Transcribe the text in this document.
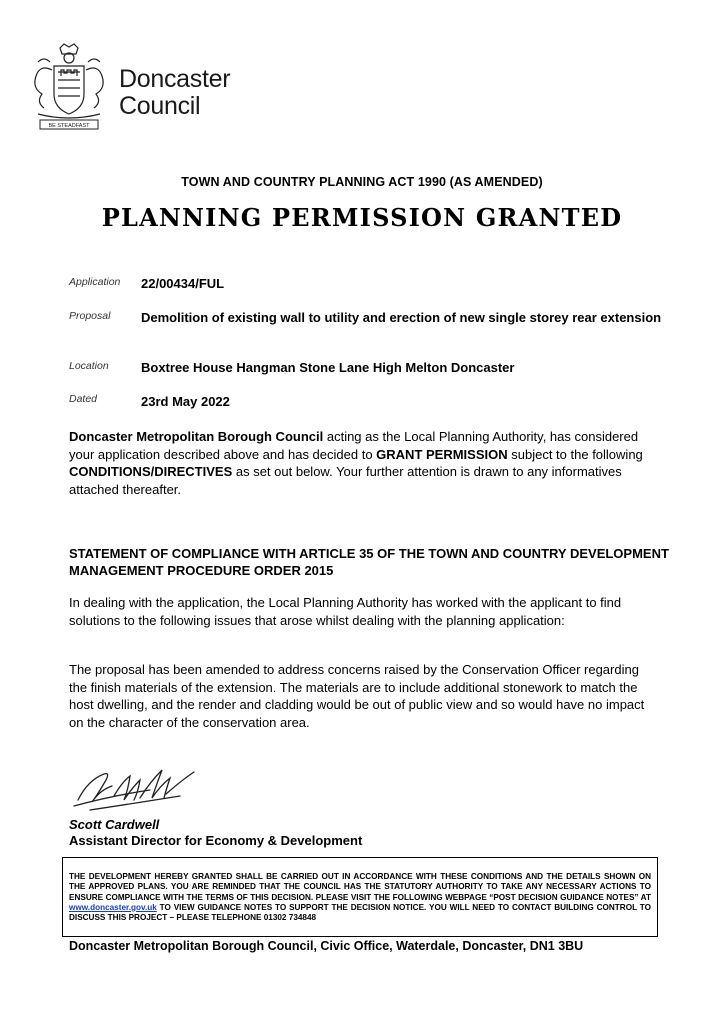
BE STEADFAST
Doncaster
Council
TOWN AND COUNTRY PLANNING ACT 1990 (AS AMENDED)
PLANNING PERMISSION GRANTED
Application 22/00434/FUL
Proposal Demolition of existing wall to utility and erection of new single storey rear extension
Location Boxtree House Hangman Stone Lane High Melton Doncaster
Dated	23rd May 2022
Doncaster Metropolitan Borough Council acting as the Local Planning Authority, has considered your application described above and has decided to GRANT PERMISSION subject to the following CONDITIONS/DIRECTIVES as set out below. Your further attention is drawn to any informatives attached thereafter.
STATEMENT OF COMPLIANCE WITH ARTICLE 35 OF THE TOWN AND COUNTRY DEVELOPMENT MANAGEMENT PROCEDURE ORDER 2015
In dealing with the application, the Local Planning Authority has worked with the applicant to find solutions to the following issues that arose whilst dealing with the planning application:
The proposal has been amended to address concerns raised by the Conservation Officer regarding the finish materials of the extension. The materials are to include additional stonework to match the host dwelling, and the render and cladding would be out of public view and so would have no impact on the character of the conservation area.
Scott Cardwell
Assistant Director for Economy & Development
THE DEVELOPMENT HEREBY GRANTED SHALL BE CARRIED OUT IN ACCORDANCE WITH THESE CONDITIONS AND THE DETAILS SHOWN ON THE APPROVED PLANS. YOU ARE REMINDED THAT THE COUNCIL HAS THE STATUTORY AUTHORITY TO TAKE ANY NECESSARY ACTIONS TO ENSURE COMPLIANCE WITH THE TERMS OF THIS DECISION. PLEASE VISIT THE FOLLOWING WEBPAGE “POST DECISION GUIDANCE NOTES” AT www.doncaster.gov.uk TO VIEW GUIDANCE NOTES TO SUPPORT THE DECISION NOTICE. YOU WILL NEED TO CONTACT BUILDING CONTROL TO DISCUSS THIS PROJECT – PLEASE TELEPHONE 01302 734848
Doncaster Metropolitan Borough Council, Civic Office, Waterdale, Doncaster, DN1 3BU
